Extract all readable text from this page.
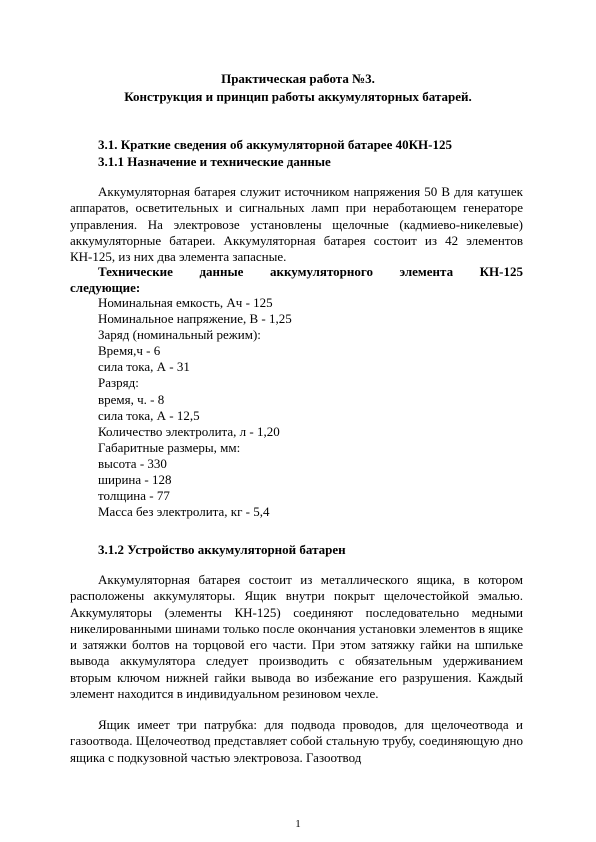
Практическая работа №3.
Конструкция и принцип работы аккумуляторных батарей.
3.1. Краткие сведения об аккумуляторной батарее 40КН-125
3.1.1 Назначение и технические данные
Аккумуляторная батарея служит источником напряжения 50 В для катушек аппаратов, осветительных и сигнальных ламп при неработающем генераторе управления. На электровозе установлены щелочные (кадмиево-никелевые) аккумуляторные батареи. Аккумуляторная батарея состоит из 42 элементов КН-125, из них два элемента запасные.
Технические данные аккумуляторного элемента КН-125
следующие:
Номинальная емкость, Ач - 125
Номинальное напряжение, В - 1,25
Заряд (номинальный режим):
Время,ч - 6
сила тока, А - 31
Разряд:
время, ч. - 8
сила тока, А - 12,5
Количество электролита, л - 1,20
Габаритные размеры, мм:
высота - 330
ширина - 128
толщина - 77
Масса без электролита, кг - 5,4
3.1.2 Устройство аккумуляторной батарен
Аккумуляторная батарея состоит из металлического ящика, в котором расположены аккумуляторы. Ящик внутри покрыт щелочестойкой эмалью. Аккумуляторы (элементы КН-125) соединяют последовательно медными никелированными шинами только после окончания установки элементов в ящике и затяжки болтов на торцовой его части. При этом затяжку гайки на шпильке вывода аккумулятора следует производить с обязательным удерживанием вторым ключом нижней гайки вывода во избежание его разрушения. Каждый элемент находится в индивидуальном резиновом чехле.
Ящик имеет три патрубка: для подвода проводов, для щелочеотвода и газоотвода. Щелочеотвод представляет собой стальную трубу, соединяющую дно ящика с подкузовной частью электровоза. Газоотвод
1
